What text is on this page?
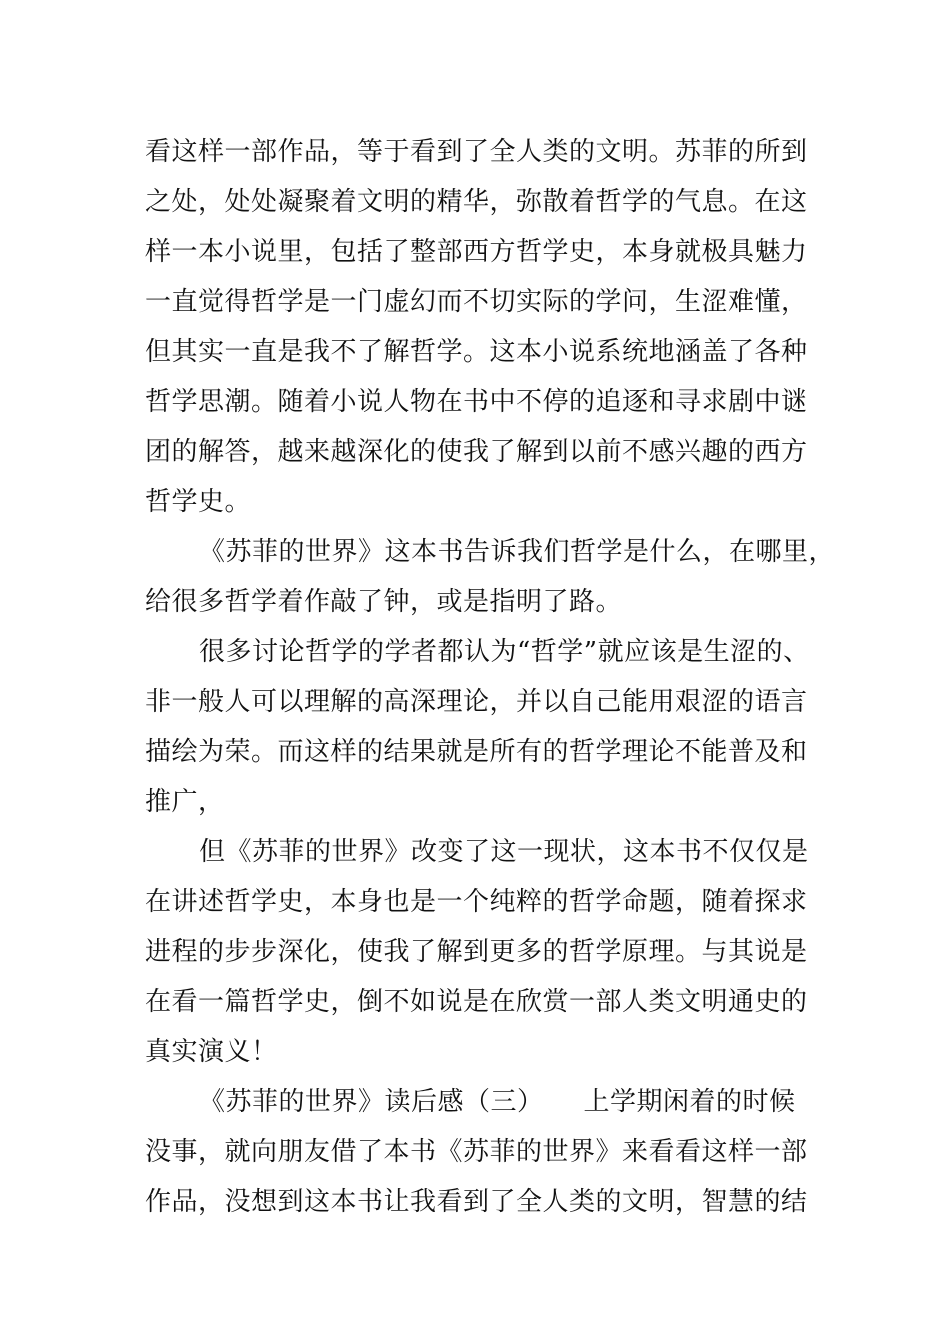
看这样一部作品，等于看到了全人类的文明。苏菲的所到
之处，处处凝聚着文明的精华，弥散着哲学的气息。在这
样一本小说里，包括了整部西方哲学史，本身就极具魅力
一直觉得哲学是一门虚幻而不切实际的学问，生涩难懂，
但其实一直是我不了解哲学。这本小说系统地涵盖了各种
哲学思潮。随着小说人物在书中不停的追逐和寻求剧中谜
团的解答，越来越深化的使我了解到以前不感兴趣的西方
哲学史。
《苏菲的世界》这本书告诉我们哲学是什么，在哪里，
给很多哲学着作敲了钟，或是指明了路。
很多讨论哲学的学者都认为“哲学”就应该是生涩的、
非一般人可以理解的高深理论，并以自己能用艰涩的语言
描绘为荣。而这样的结果就是所有的哲学理论不能普及和
推广，
但《苏菲的世界》改变了这一现状，这本书不仅仅是
在讲述哲学史，本身也是一个纯粹的哲学命题，随着探求
进程的步步深化，使我了解到更多的哲学原理。与其说是
在看一篇哲学史，倒不如说是在欣赏一部人类文明通史的
真实演义！
《苏菲的世界》读后感（三）　　上学期闲着的时候
没事，就向朋友借了本书《苏菲的世界》来看看这样一部
作品，没想到这本书让我看到了全人类的文明，智慧的结
